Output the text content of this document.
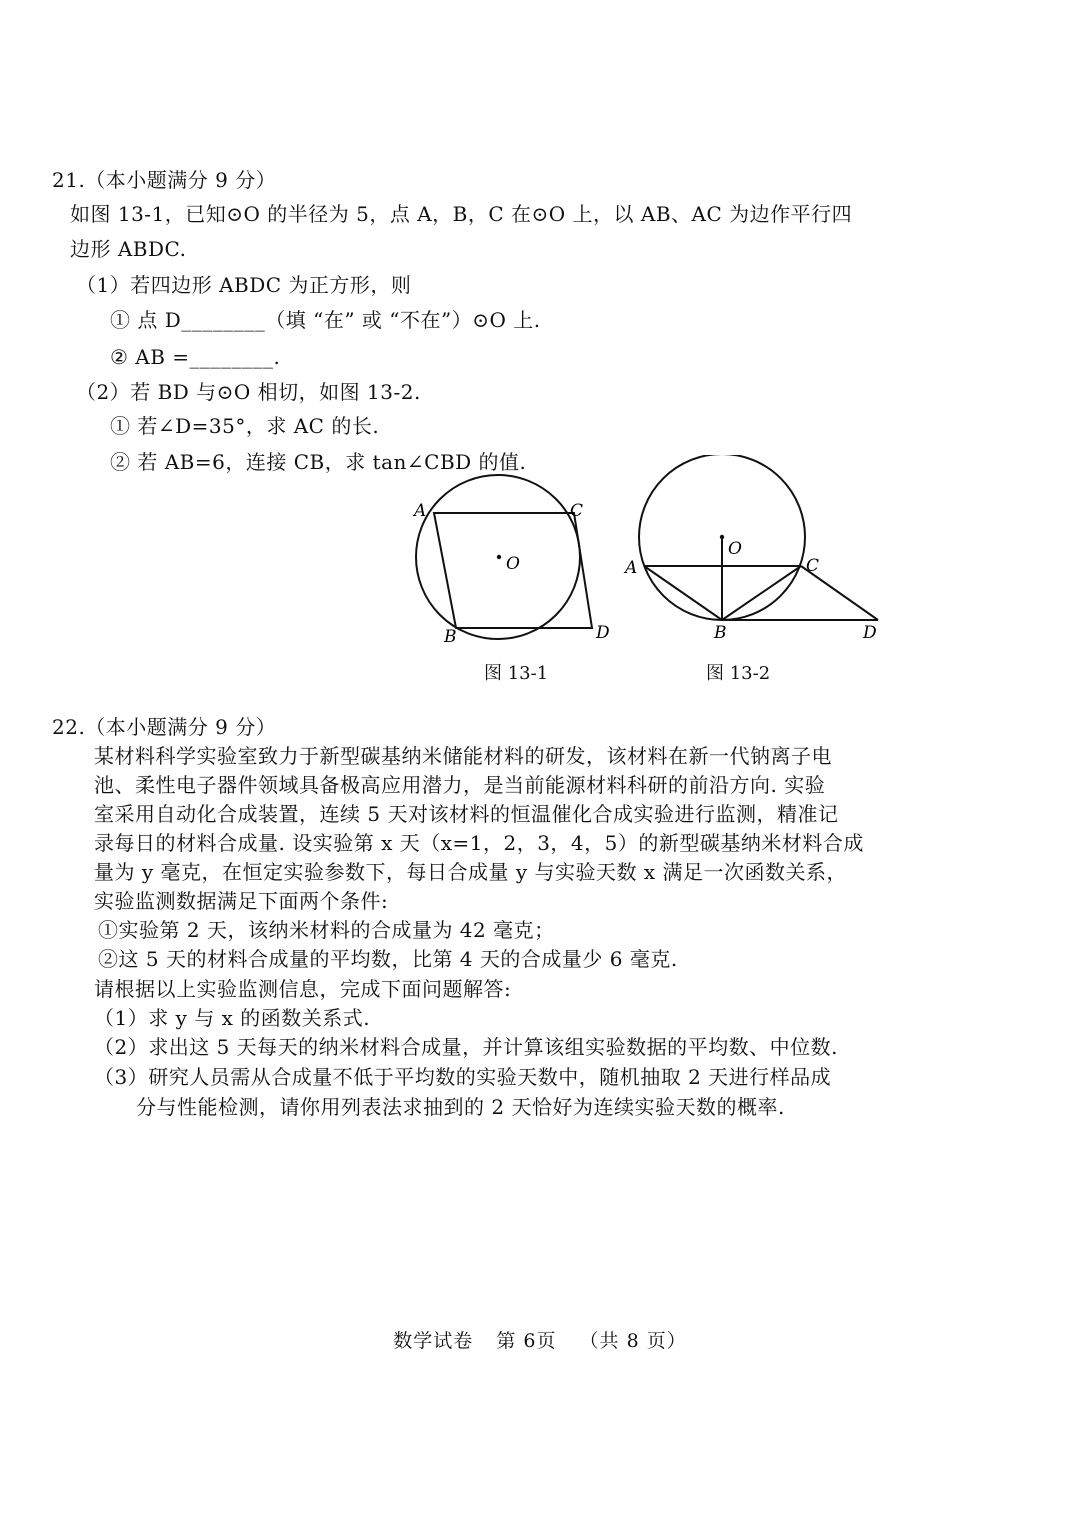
21.（本小题满分 9 分）
如图 13-1，已知⊙O 的半径为 5，点 A，B，C 在⊙O 上，以 AB、AC 为边作平行四
边形 ABDC.
（1）若四边形 ABDC 为正方形，则
① 点 D________（填 “在” 或 “不在”）⊙O 上.
② AB =________.
（2）若 BD 与⊙O 相切，如图 13-2.
① 若∠D=35°，求 AC 的长.
② 若 AB=6，连接 CB，求 tan∠CBD 的值.
A	C
O
B	D
图 13-1
O
A	C
B	D
图 13-2
22.（本小题满分 9 分）
某材料科学实验室致力于新型碳基纳米储能材料的研发，该材料在新一代钠离子电
池、柔性电子器件领域具备极高应用潜力，是当前能源材料科研的前沿方向. 实验
室采用自动化合成装置，连续 5 天对该材料的恒温催化合成实验进行监测，精准记
录每日的材料合成量. 设实验第 x 天（x=1，2，3，4，5）的新型碳基纳米材料合成
量为 y 毫克，在恒定实验参数下，每日合成量 y 与实验天数 x 满足一次函数关系，
实验监测数据满足下面两个条件:
①实验第 2 天，该纳米材料的合成量为 42 毫克；
②这 5 天的材料合成量的平均数，比第 4 天的合成量少 6 毫克.
请根据以上实验监测信息，完成下面问题解答:
（1）求 y 与 x 的函数关系式.
（2）求出这 5 天每天的纳米材料合成量，并计算该组实验数据的平均数、中位数.
（3）研究人员需从合成量不低于平均数的实验天数中，随机抽取 2 天进行样品成
分与性能检测，请你用列表法求抽到的 2 天恰好为连续实验天数的概率.
数学试卷 第 6页 （共 8 页）
